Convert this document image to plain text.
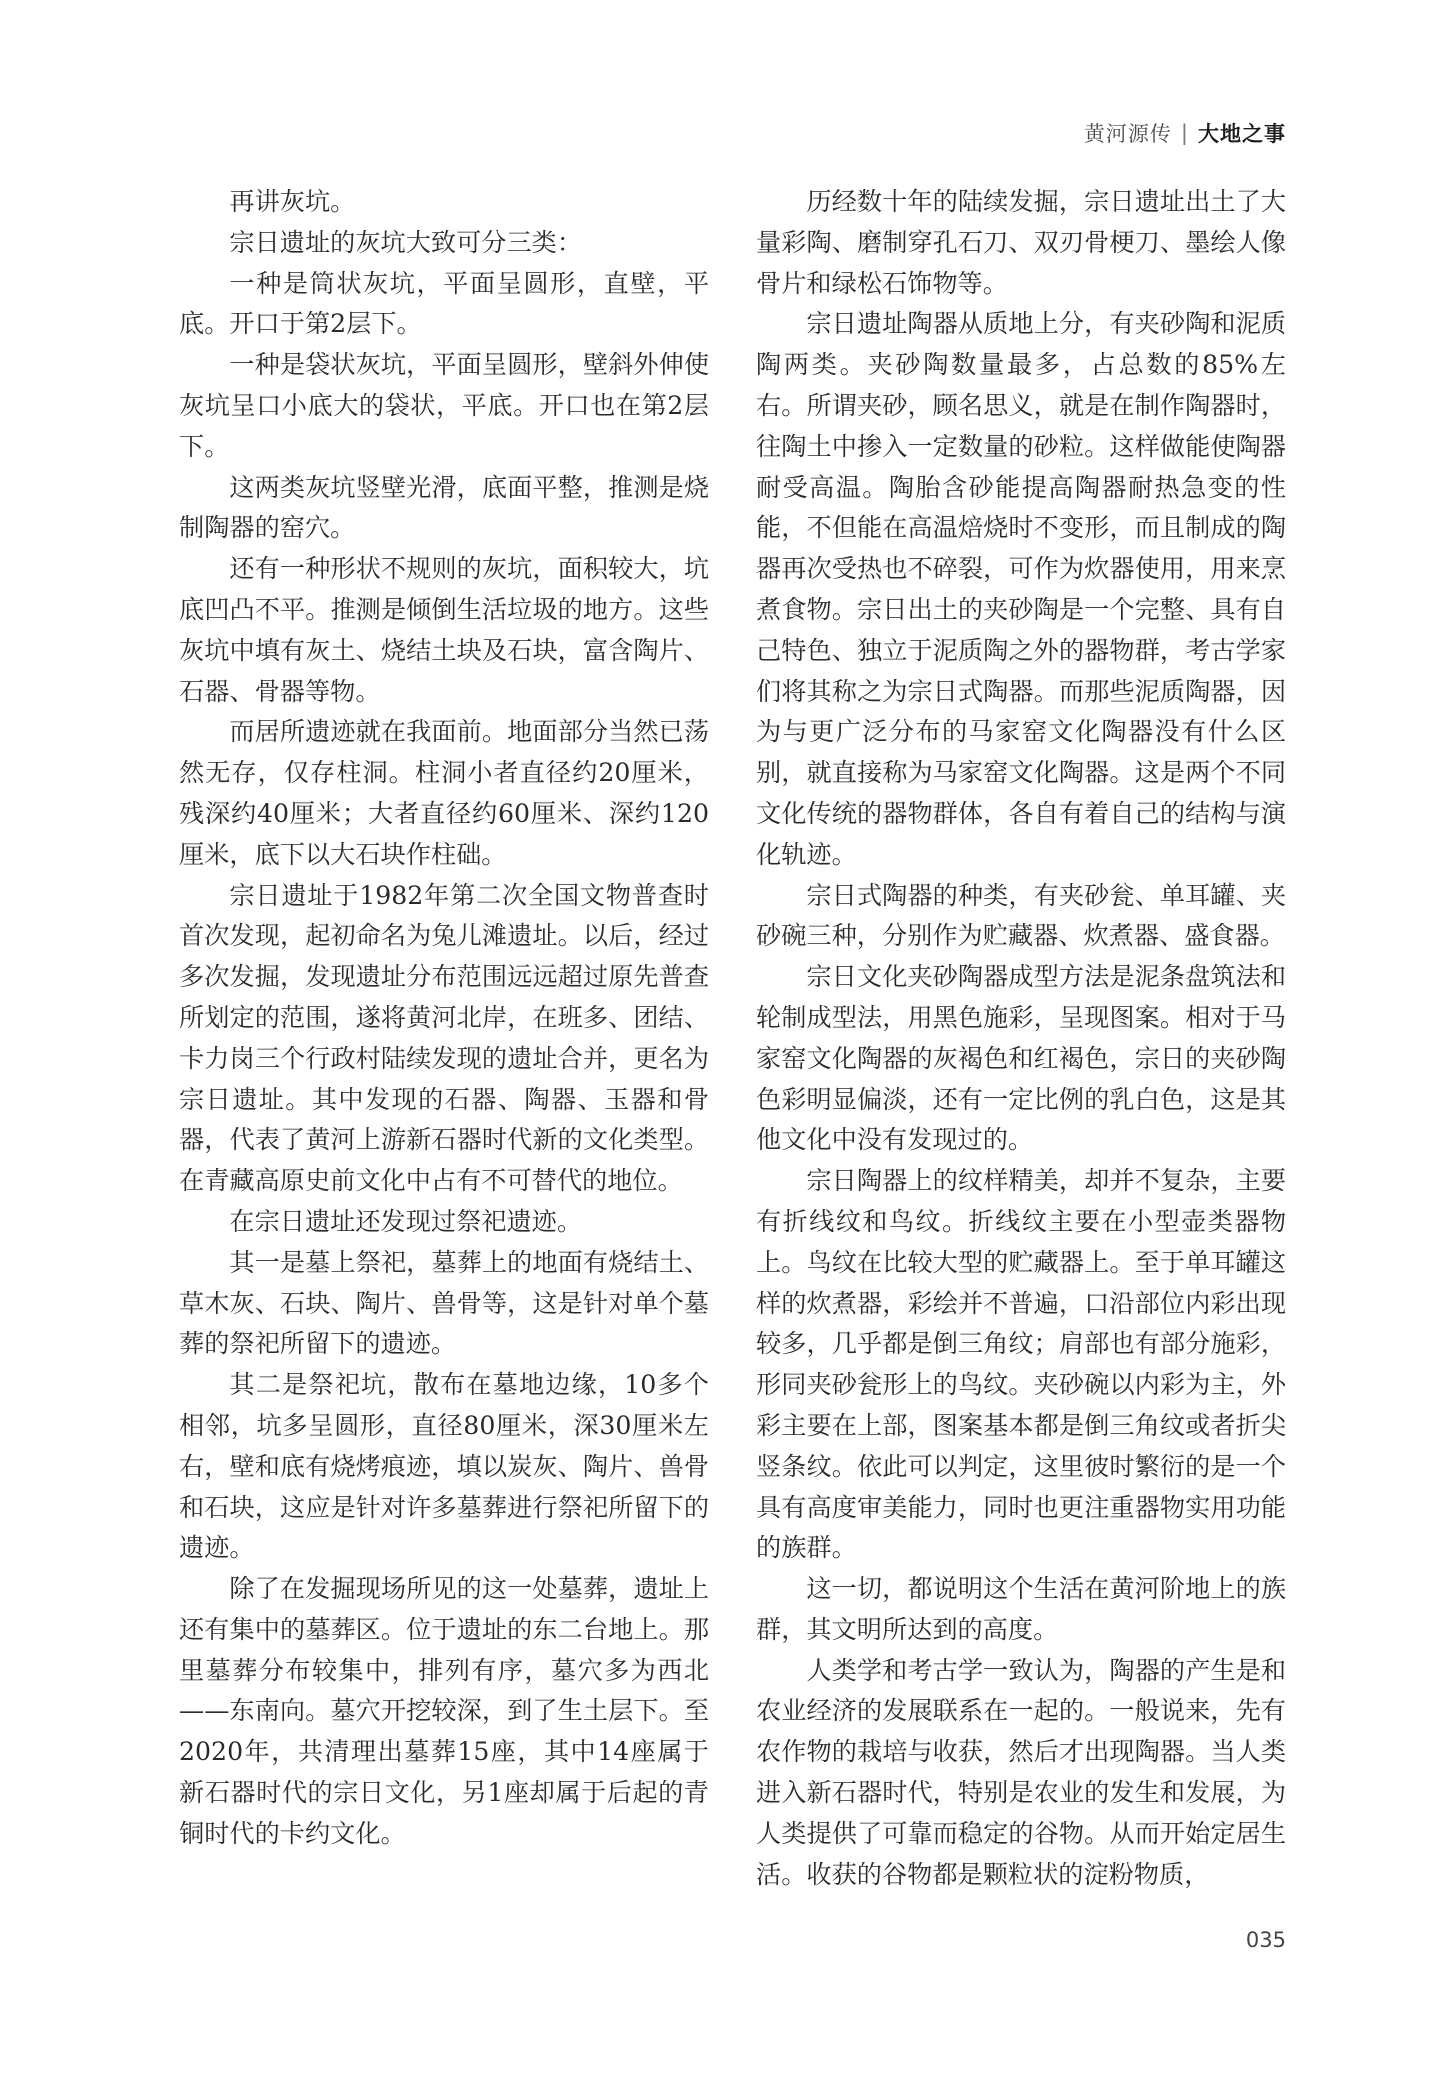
黄河源传 | 大地之事

再讲灰坑。

宗日遗址的灰坑大致可分三类：

一种是筒状灰坑，平面呈圆形，直壁，平底。开口于第2层下。

一种是袋状灰坑，平面呈圆形，壁斜外伸使灰坑呈口小底大的袋状，平底。开口也在第2层下。

这两类灰坑竖壁光滑，底面平整，推测是烧制陶器的窑穴。

还有一种形状不规则的灰坑，面积较大，坑底凹凸不平。推测是倾倒生活垃圾的地方。这些灰坑中填有灰土、烧结土块及石块，富含陶片、石器、骨器等物。

而居所遗迹就在我面前。地面部分当然已荡然无存，仅存柱洞。柱洞小者直径约20厘米，残深约40厘米；大者直径约60厘米、深约120厘米，底下以大石块作柱础。

宗日遗址于1982年第二次全国文物普查时首次发现，起初命名为兔儿滩遗址。以后，经过多次发掘，发现遗址分布范围远远超过原先普查所划定的范围，遂将黄河北岸，在班多、团结、卡力岗三个行政村陆续发现的遗址合并，更名为宗日遗址。其中发现的石器、陶器、玉器和骨器，代表了黄河上游新石器时代新的文化类型。在青藏高原史前文化中占有不可替代的地位。

在宗日遗址还发现过祭祀遗迹。

其一是墓上祭祀，墓葬上的地面有烧结土、草木灰、石块、陶片、兽骨等，这是针对单个墓葬的祭祀所留下的遗迹。

其二是祭祀坑，散布在墓地边缘，10多个相邻，坑多呈圆形，直径80厘米，深30厘米左右，壁和底有烧烤痕迹，填以炭灰、陶片、兽骨和石块，这应是针对许多墓葬进行祭祀所留下的遗迹。

除了在发掘现场所见的这一处墓葬，遗址上还有集中的墓葬区。位于遗址的东二台地上。那里墓葬分布较集中，排列有序，墓穴多为西北——东南向。墓穴开挖较深，到了生土层下。至2020年，共清理出墓葬15座，其中14座属于新石器时代的宗日文化，另1座却属于后起的青铜时代的卡约文化。

历经数十年的陆续发掘，宗日遗址出土了大量彩陶、磨制穿孔石刀、双刃骨梗刀、墨绘人像骨片和绿松石饰物等。

宗日遗址陶器从质地上分，有夹砂陶和泥质陶两类。夹砂陶数量最多，占总数的85%左右。所谓夹砂，顾名思义，就是在制作陶器时，往陶土中掺入一定数量的砂粒。这样做能使陶器耐受高温。陶胎含砂能提高陶器耐热急变的性能，不但能在高温焙烧时不变形，而且制成的陶器再次受热也不碎裂，可作为炊器使用，用来烹煮食物。宗日出土的夹砂陶是一个完整、具有自己特色、独立于泥质陶之外的器物群，考古学家们将其称之为宗日式陶器。而那些泥质陶器，因为与更广泛分布的马家窑文化陶器没有什么区别，就直接称为马家窑文化陶器。这是两个不同文化传统的器物群体，各自有着自己的结构与演化轨迹。

宗日式陶器的种类，有夹砂瓮、单耳罐、夹砂碗三种，分别作为贮藏器、炊煮器、盛食器。

宗日文化夹砂陶器成型方法是泥条盘筑法和轮制成型法，用黑色施彩，呈现图案。相对于马家窑文化陶器的灰褐色和红褐色，宗日的夹砂陶色彩明显偏淡，还有一定比例的乳白色，这是其他文化中没有发现过的。

宗日陶器上的纹样精美，却并不复杂，主要有折线纹和鸟纹。折线纹主要在小型壶类器物上。鸟纹在比较大型的贮藏器上。至于单耳罐这样的炊煮器，彩绘并不普遍，口沿部位内彩出现较多，几乎都是倒三角纹；肩部也有部分施彩，形同夹砂瓮形上的鸟纹。夹砂碗以内彩为主，外彩主要在上部，图案基本都是倒三角纹或者折尖竖条纹。依此可以判定，这里彼时繁衍的是一个具有高度审美能力，同时也更注重器物实用功能的族群。

这一切，都说明这个生活在黄河阶地上的族群，其文明所达到的高度。

人类学和考古学一致认为，陶器的产生是和农业经济的发展联系在一起的。一般说来，先有农作物的栽培与收获，然后才出现陶器。当人类进入新石器时代，特别是农业的发生和发展，为人类提供了可靠而稳定的谷物。从而开始定居生活。收获的谷物都是颗粒状的淀粉物质，

035
